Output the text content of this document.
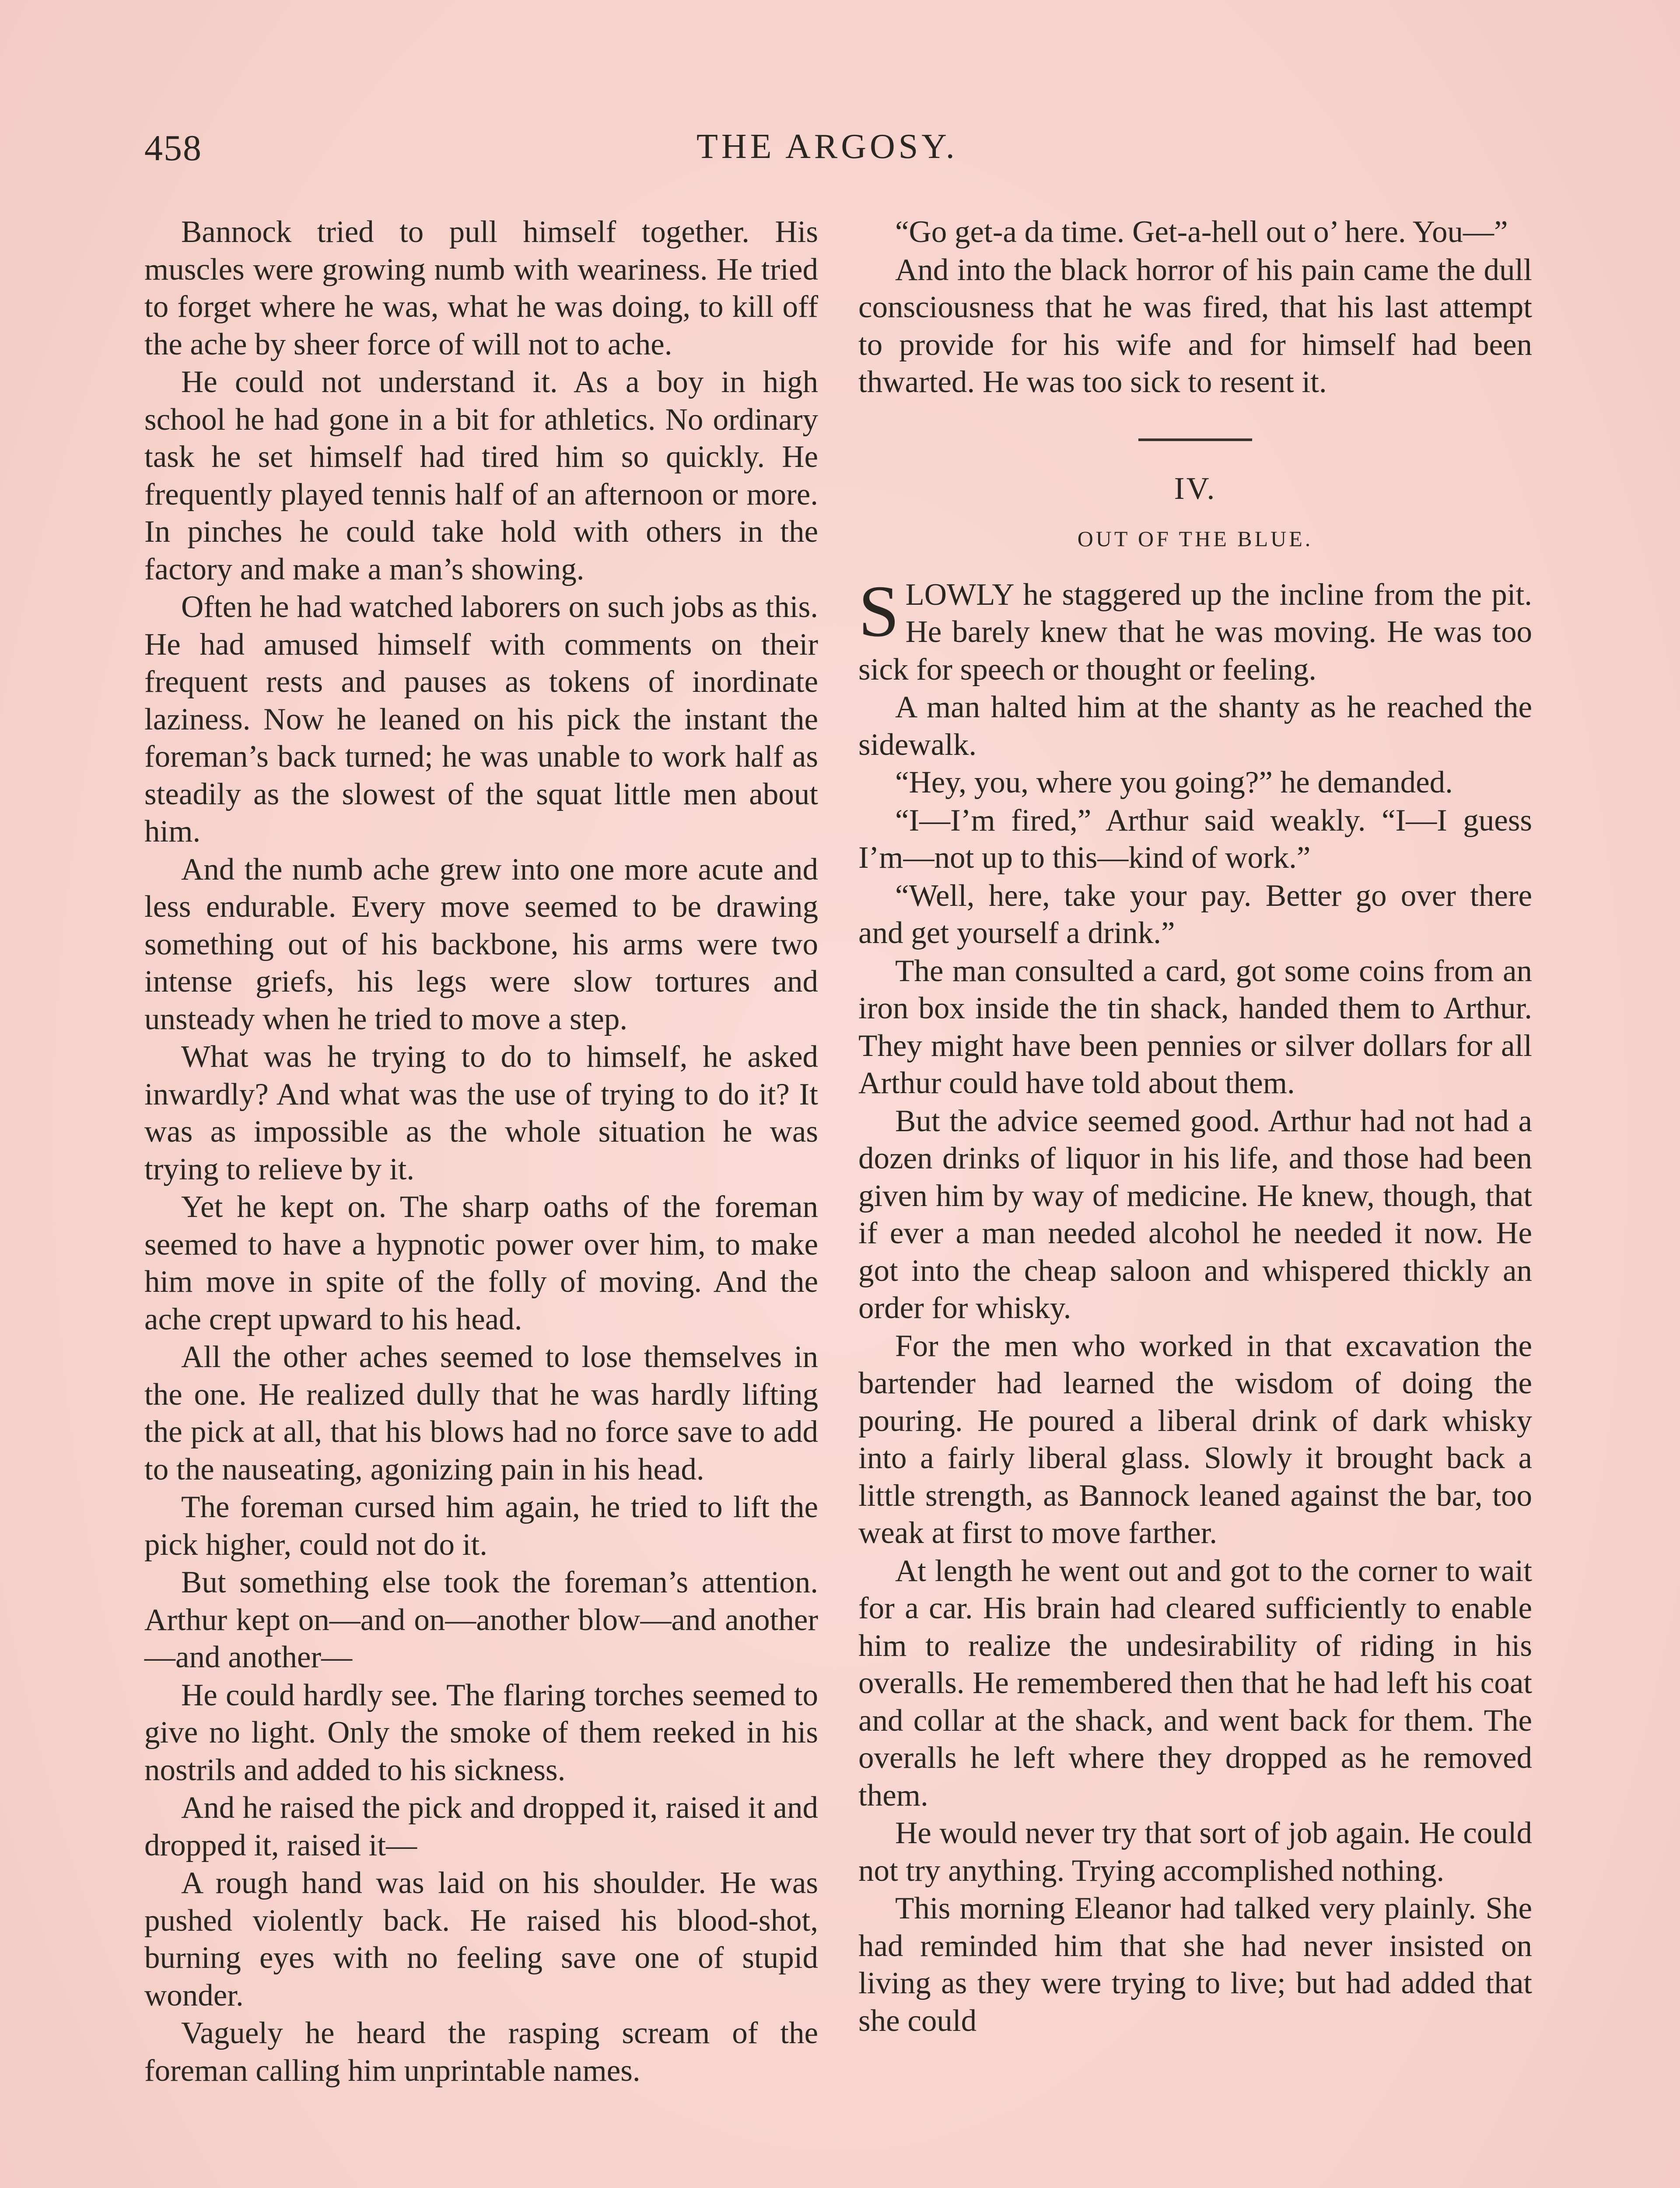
458	THE ARGOSY.

Bannock tried to pull himself together. His muscles were growing numb with weariness. He tried to forget where he was, what he was doing, to kill off the ache by sheer force of will not to ache.

He could not understand it. As a boy in high school he had gone in a bit for athletics. No ordinary task he set himself had tired him so quickly. He frequently played tennis half of an afternoon or more. In pinches he could take hold with others in the factory and make a man’s showing.

Often he had watched laborers on such jobs as this. He had amused himself with comments on their frequent rests and pauses as tokens of inordinate laziness. Now he leaned on his pick the instant the foreman’s back turned; he was unable to work half as steadily as the slowest of the squat little men about him.

And the numb ache grew into one more acute and less endurable. Every move seemed to be drawing something out of his backbone, his arms were two intense griefs, his legs were slow tortures and unsteady when he tried to move a step.

What was he trying to do to himself, he asked inwardly? And what was the use of trying to do it? It was as impossible as the whole situation he was trying to relieve by it.

Yet he kept on. The sharp oaths of the foreman seemed to have a hypnotic power over him, to make him move in spite of the folly of moving. And the ache crept upward to his head.

All the other aches seemed to lose themselves in the one. He realized dully that he was hardly lifting the pick at all, that his blows had no force save to add to the nauseating, agonizing pain in his head.

The foreman cursed him again, he tried to lift the pick higher, could not do it.

But something else took the foreman’s attention. Arthur kept on—and on—another blow—and another—and another—

He could hardly see. The flaring torches seemed to give no light. Only the smoke of them reeked in his nostrils and added to his sickness.

And he raised the pick and dropped it, raised it and dropped it, raised it—

A rough hand was laid on his shoulder. He was pushed violently back. He raised his blood-shot, burning eyes with no feeling save one of stupid wonder.

Vaguely he heard the rasping scream of the foreman calling him unprintable names.

“Go get-a da time. Get-a-hell out o’ here. You—”

And into the black horror of his pain came the dull consciousness that he was fired, that his last attempt to provide for his wife and for himself had been thwarted. He was too sick to resent it.

IV.
OUT OF THE BLUE.

SLOWLY he staggered up the incline from the pit. He barely knew that he was moving. He was too sick for speech or thought or feeling.

A man halted him at the shanty as he reached the sidewalk.

“Hey, you, where you going?” he demanded.

“I—I’m fired,” Arthur said weakly. “I—I guess I’m—not up to this—kind of work.”

“Well, here, take your pay. Better go over there and get yourself a drink.”

The man consulted a card, got some coins from an iron box inside the tin shack, handed them to Arthur. They might have been pennies or silver dollars for all Arthur could have told about them.

But the advice seemed good. Arthur had not had a dozen drinks of liquor in his life, and those had been given him by way of medicine. He knew, though, that if ever a man needed alcohol he needed it now. He got into the cheap saloon and whispered thickly an order for whisky.

For the men who worked in that excavation the bartender had learned the wisdom of doing the pouring. He poured a liberal drink of dark whisky into a fairly liberal glass. Slowly it brought back a little strength, as Bannock leaned against the bar, too weak at first to move farther.

At length he went out and got to the corner to wait for a car. His brain had cleared sufficiently to enable him to realize the undesirability of riding in his overalls. He remembered then that he had left his coat and collar at the shack, and went back for them. The overalls he left where they dropped as he removed them.

He would never try that sort of job again. He could not try anything. Trying accomplished nothing.

This morning Eleanor had talked very plainly. She had reminded him that she had never insisted on living as they were trying to live; but had added that she could
